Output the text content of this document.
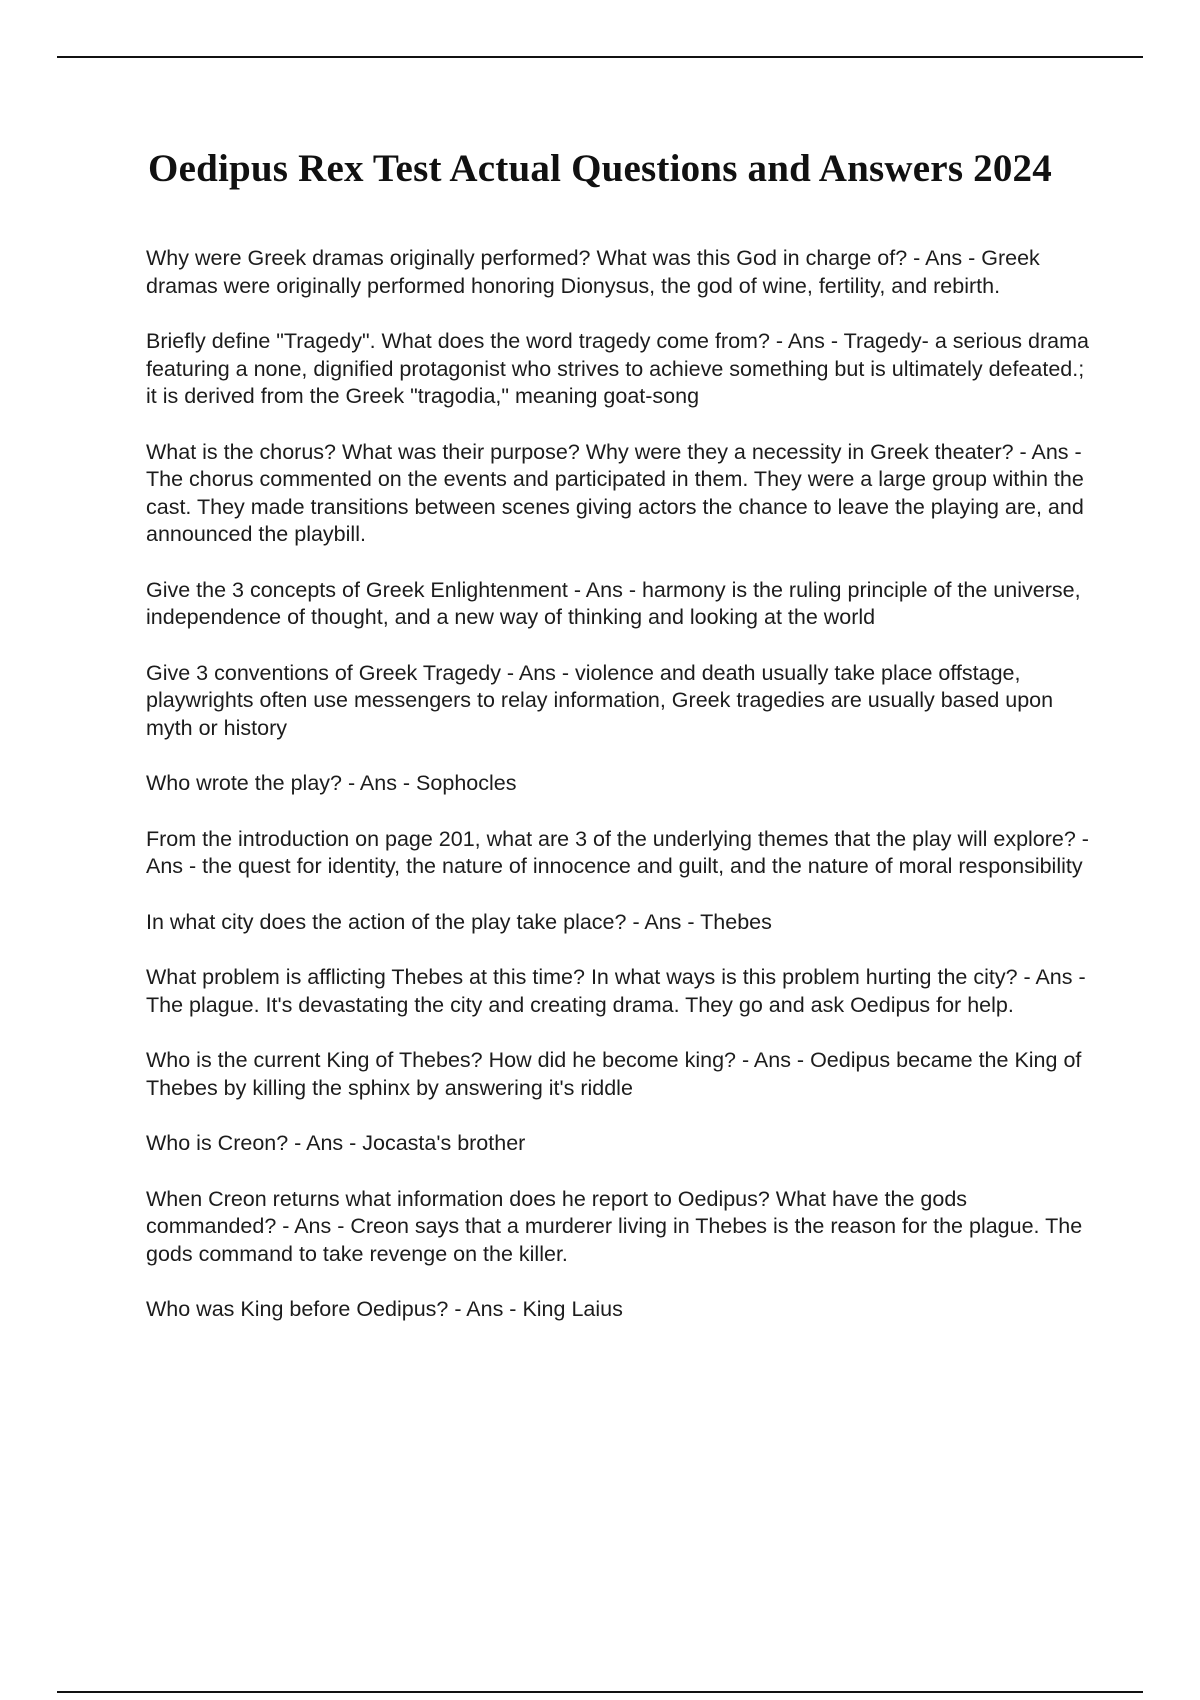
Oedipus Rex Test Actual Questions and Answers 2024

Why were Greek dramas originally performed? What was this God in charge of? - Ans - Greek dramas were originally performed honoring Dionysus, the god of wine, fertility, and rebirth.

Briefly define "Tragedy". What does the word tragedy come from? - Ans - Tragedy- a serious drama featuring a none, dignified protagonist who strives to achieve something but is ultimately defeated.; it is derived from the Greek "tragodia," meaning goat-song

What is the chorus? What was their purpose? Why were they a necessity in Greek theater? - Ans - The chorus commented on the events and participated in them. They were a large group within the cast. They made transitions between scenes giving actors the chance to leave the playing are, and announced the playbill.

Give the 3 concepts of Greek Enlightenment - Ans - harmony is the ruling principle of the universe, independence of thought, and a new way of thinking and looking at the world

Give 3 conventions of Greek Tragedy - Ans - violence and death usually take place offstage, playwrights often use messengers to relay information, Greek tragedies are usually based upon myth or history

Who wrote the play? - Ans - Sophocles

From the introduction on page 201, what are 3 of the underlying themes that the play will explore? - Ans - the quest for identity, the nature of innocence and guilt, and the nature of moral responsibility

In what city does the action of the play take place? - Ans - Thebes

What problem is afflicting Thebes at this time? In what ways is this problem hurting the city? - Ans - The plague. It's devastating the city and creating drama. They go and ask Oedipus for help.

Who is the current King of Thebes? How did he become king? - Ans - Oedipus became the King of Thebes by killing the sphinx by answering it's riddle

Who is Creon? - Ans - Jocasta's brother

When Creon returns what information does he report to Oedipus? What have the gods commanded? - Ans - Creon says that a murderer living in Thebes is the reason for the plague. The gods command to take revenge on the killer.

Who was King before Oedipus? - Ans - King Laius
